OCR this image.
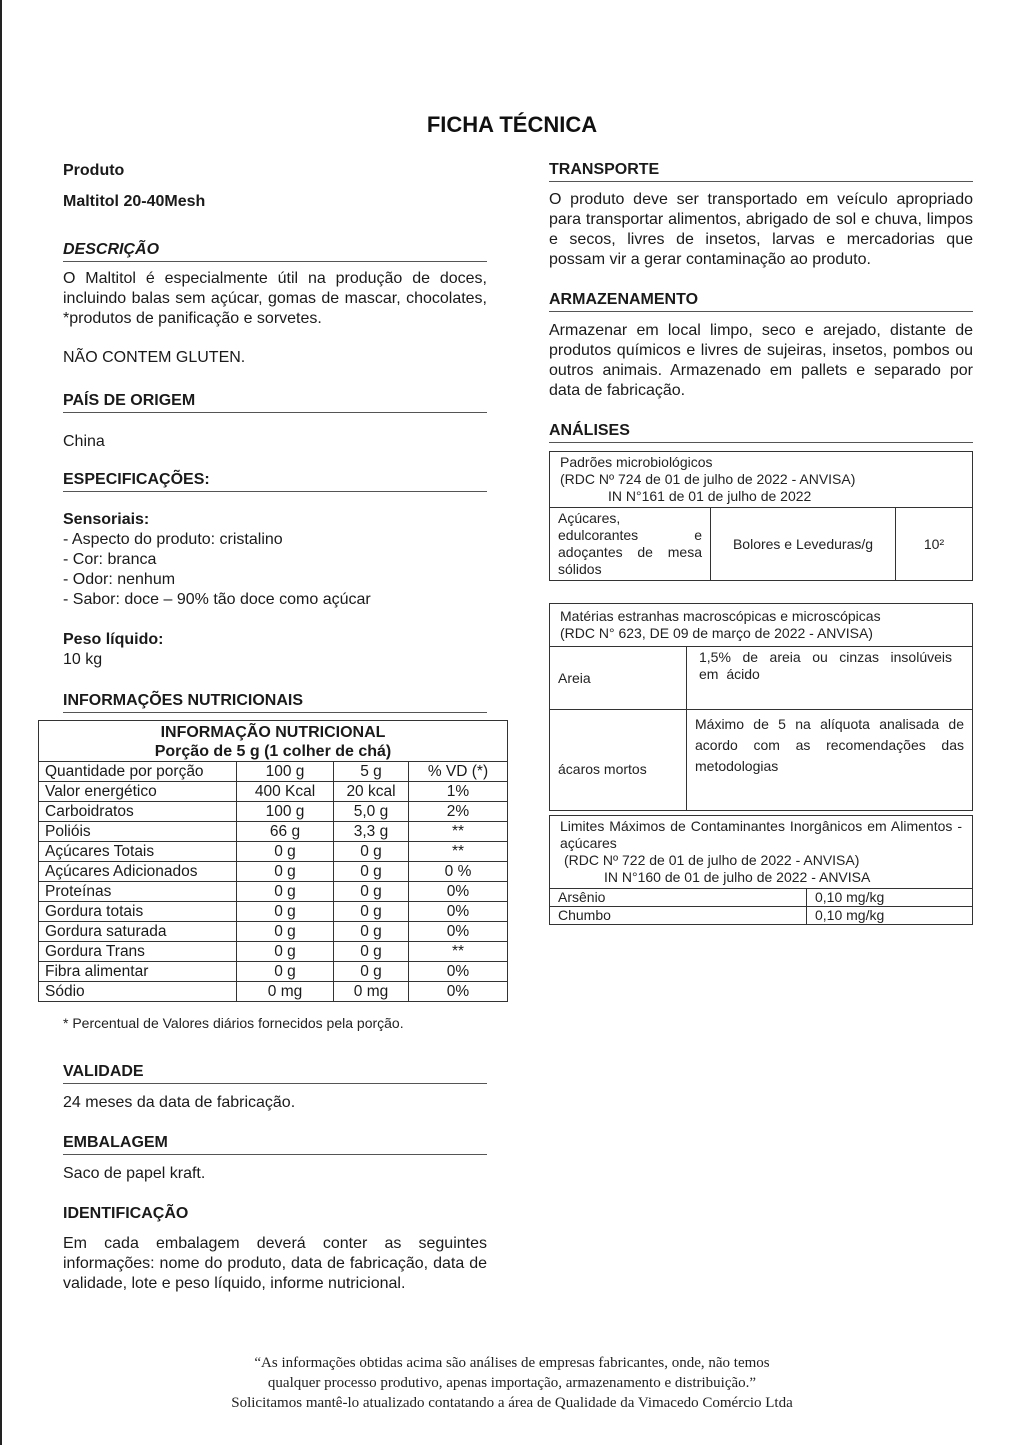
FICHA TÉCNICA
Produto
Maltitol 20-40Mesh

DESCRIÇÃO

O Maltitol é especialmente útil na produção de doces, incluindo balas sem açúcar, gomas de mascar, chocolates, *produtos de panificação e sorvetes.

NÃO CONTEM GLUTEN.

PAÍS DE ORIGEM

China

ESPECIFICAÇÕES:

Sensoriais:

- Aspecto do produto: cristalino

- Cor: branca

- Odor: nenhum

- Sabor: doce – 90% tão doce como açúcar

Peso líquido:

10 kg

INFORMAÇÕES NUTRICIONAIS

INFORMAÇÃO NUTRICIONAL
Porção de 5 g (1 colher de chá)			

Quantidade por porção	100 g	5 g	% VD (*)
Valor energético	400 Kcal	20 kcal	1%
Carboidratos	100 g	5,0 g	2%
Polióis	66 g	3,3 g	**
Açúcares Totais	0 g	0 g	**
Açúcares Adicionados	0 g	0 g	0 %
Proteínas	0 g	0 g	0%
Gordura totais	0 g	0 g	0%
Gordura saturada	0 g	0 g	0%
Gordura Trans	0 g	0 g	**
Fibra alimentar	0 g	0 g	0%
Sódio	0 mg	0 mg	0%
* Percentual de Valores diários fornecidos pela porção.

VALIDADE

24 meses da data de fabricação.

EMBALAGEM

Saco de papel kraft.

IDENTIFICAÇÃO

Em cada embalagem deverá conter as seguintes informações: nome do produto, data de fabricação, data de validade, lote e peso líquido, informe nutricional.

TRANSPORTE

O produto deve ser transportado em veículo apropriado para transportar alimentos, abrigado de sol e chuva, limpos e secos, livres de insetos, larvas e mercadorias que possam vir a gerar contaminação ao produto.

ARMAZENAMENTO

Armazenar em local limpo, seco e arejado, distante de produtos químicos e livres de sujeiras, insetos, pombos ou outros animais. Armazenado em pallets e separado por data de fabricação.

ANÁLISES

Padrões microbiológicos
(RDC Nº 724 de 01 de julho de 2022 - ANVISA)
IN N°161 de 01 de julho de 2022

Açúcares, edulcorantes e adoçantes de mesa sólidos	Bolores e Leveduras/g	10²
Matérias estranhas macroscópicas e microscópicas
(RDC N° 623, DE 09 de março de 2022 - ANVISA)	

Areia	1,5% de areia ou cinzas insolúveis em ácido
ácaros mortos	Máximo de 5 na alíquota analisada de acordo com as recomendações das metodologias
Limites Máximos de Contaminantes Inorgânicos em Alimentos - açúcares
(RDC Nº 722 de 01 de julho de 2022 - ANVISA)
IN N°160 de 01 de julho de 2022 - ANVISA	

Arsênio	0,10 mg/kg
Chumbo	0,10 mg/kg
“As informações obtidas acima são análises de empresas fabricantes, onde, não temos
qualquer processo produtivo, apenas importação, armazenamento e distribuição.”
Solicitamos mantê-lo atualizado contatando a área de Qualidade da Vimacedo Comércio Ltda
